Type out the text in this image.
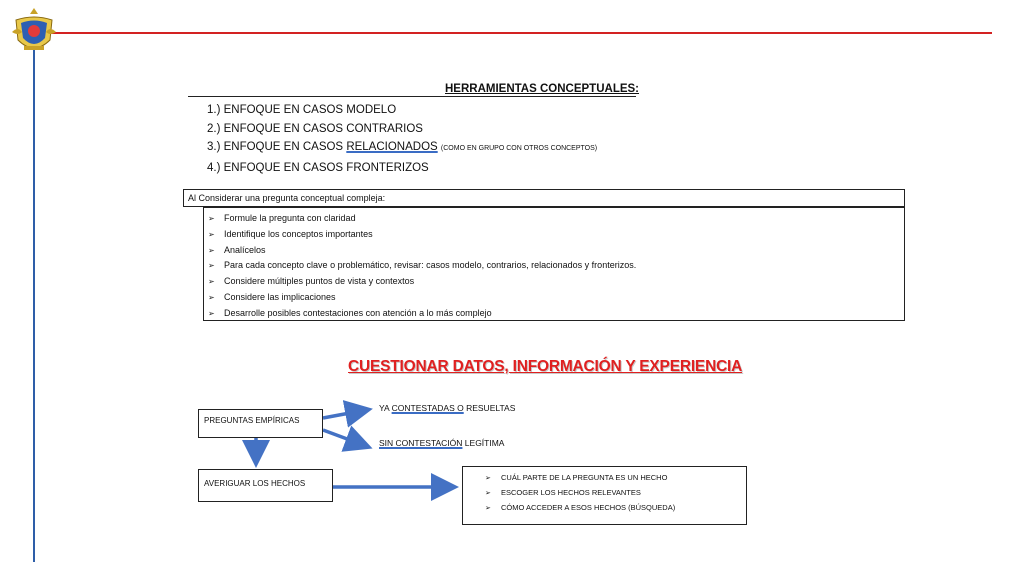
HERRAMIENTAS CONCEPTUALES:
1.) ENFOQUE EN CASOS MODELO
2.) ENFOQUE EN CASOS CONTRARIOS
3.) ENFOQUE EN CASOS RELACIONADOS (COMO EN GRUPO CON OTROS CONCEPTOS)
4.) ENFOQUE EN CASOS FRONTERIZOS
Al Considerar una pregunta conceptual compleja:
➢ Formule la pregunta con claridad
➢ Identifique los conceptos importantes
➢ Analícelos
➢ Para cada concepto clave o problemático, revisar: casos modelo, contrarios, relacionados y fronterizos.
➢ Considere múltiples puntos de vista y contextos
➢ Considere las implicaciones
➢ Desarrolle posibles contestaciones con atención a lo más complejo
CUESTIONAR DATOS, INFORMACIÓN Y EXPERIENCIA
PREGUNTAS EMPÍRICAS
YA CONTESTADAS O RESUELTAS
SIN CONTESTACIÓN LEGÍTIMA
AVERIGUAR LOS HECHOS
➢ CUÁL PARTE DE LA PREGUNTA ES UN HECHO
➢ ESCOGER LOS HECHOS RELEVANTES
➢ CÓMO ACCEDER A ESOS HECHOS (BÚSQUEDA)
